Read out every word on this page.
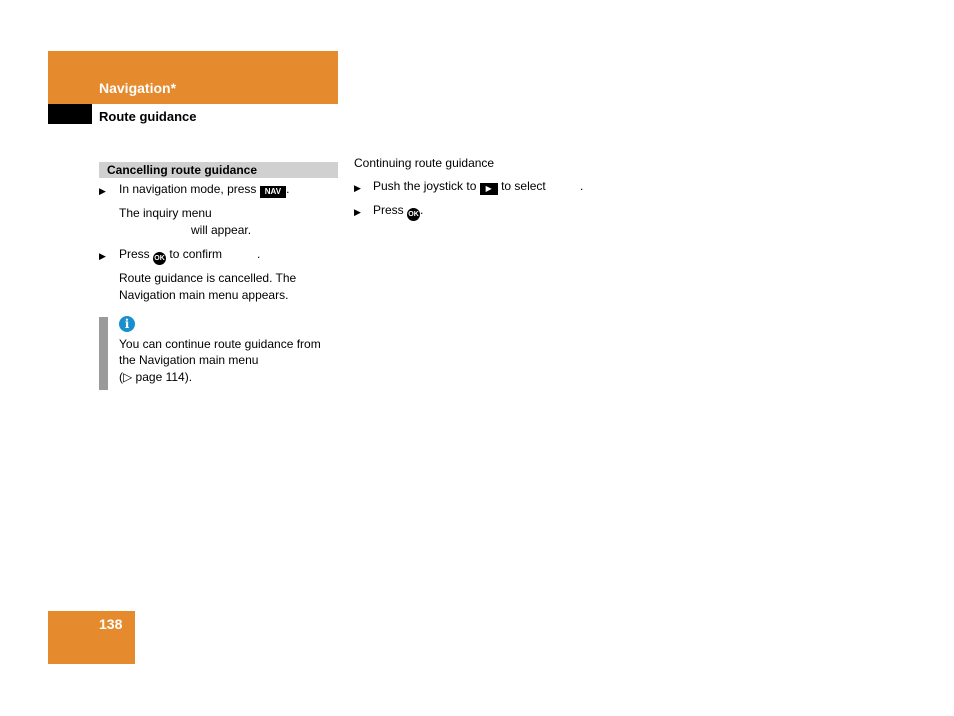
Navigation*
Route guidance
Cancelling route guidance
▶ In navigation mode, press NAV .
The inquiry menu
will appear.
▶ Press OK to confirm	.
Route guidance is cancelled. The
Navigation main menu appears.
i
You can continue route guidance from
the Navigation main menu
(▷ page 114).
Continuing route guidance
▶ Push the joystick to ▶ to select	.
▶ Press OK.
138
